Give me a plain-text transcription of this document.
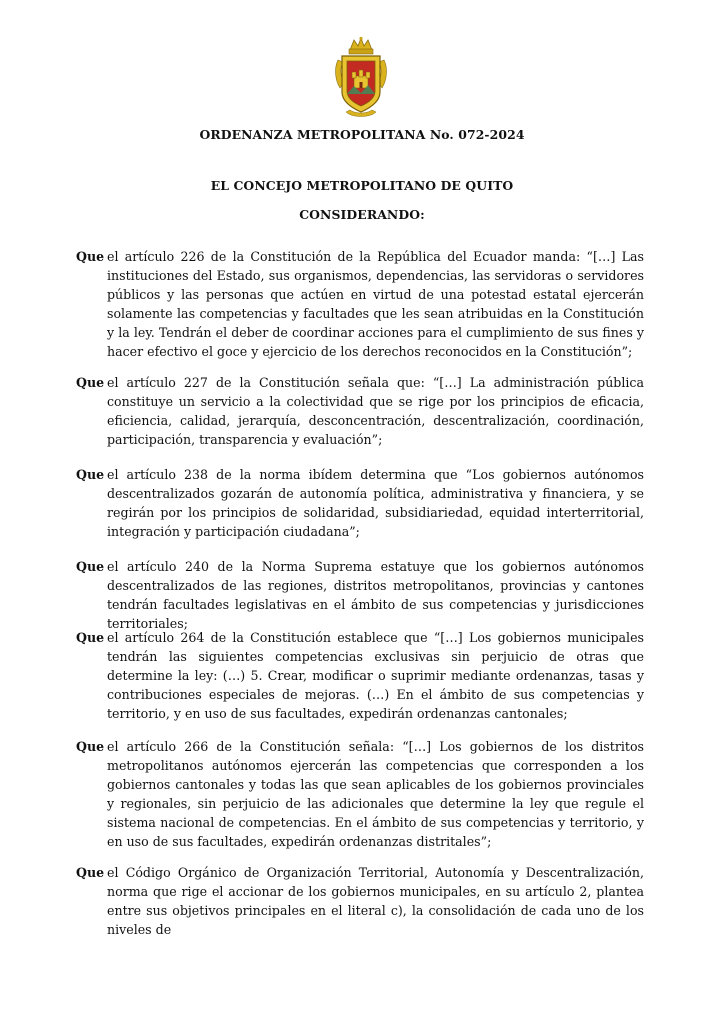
ORDENANZA METROPOLITANA No. 072-2024
EL CONCEJO METROPOLITANO DE QUITO
CONSIDERANDO:
Que el artículo 226 de la Constitución de la República del Ecuador manda: “[…] Las instituciones del Estado, sus organismos, dependencias, las servidoras o servidores públicos y las personas que actúen en virtud de una potestad estatal ejercerán solamente las competencias y facultades que les sean atribuidas en la Constitución y la ley. Tendrán el deber de coordinar acciones para el cumplimiento de sus fines y hacer efectivo el goce y ejercicio de los derechos reconocidos en la Constitución”;
Que el artículo 227 de la Constitución señala que: “[…] La administración pública constituye un servicio a la colectividad que se rige por los principios de eficacia, eficiencia, calidad, jerarquía, desconcentración, descentralización, coordinación, participación, transparencia y evaluación”;
Que el artículo 238 de la norma ibídem determina que “Los gobiernos autónomos descentralizados gozarán de autonomía política, administrativa y financiera, y se regirán por los principios de solidaridad, subsidiariedad, equidad interterritorial, integración y participación ciudadana”;
Que el artículo 240 de la Norma Suprema estatuye que los gobiernos autónomos descentralizados de las regiones, distritos metropolitanos, provincias y cantones tendrán facultades legislativas en el ámbito de sus competencias y jurisdicciones territoriales;
Que el artículo 264 de la Constitución establece que “[…] Los gobiernos municipales tendrán las siguientes competencias exclusivas sin perjuicio de otras que determine la ley: (…) 5. Crear, modificar o suprimir mediante ordenanzas, tasas y contribuciones especiales de mejoras. (…) En el ámbito de sus competencias y territorio, y en uso de sus facultades, expedirán ordenanzas cantonales;
Que el artículo 266 de la Constitución señala: “[…] Los gobiernos de los distritos metropolitanos autónomos ejercerán las competencias que corresponden a los gobiernos cantonales y todas las que sean aplicables de los gobiernos provinciales y regionales, sin perjuicio de las adicionales que determine la ley que regule el sistema nacional de competencias. En el ámbito de sus competencias y territorio, y en uso de sus facultades, expedirán ordenanzas distritales”;
Que el Código Orgánico de Organización Territorial, Autonomía y Descentralización, norma que rige el accionar de los gobiernos municipales, en su artículo 2, plantea entre sus objetivos principales en el literal c), la consolidación de cada uno de los niveles de
